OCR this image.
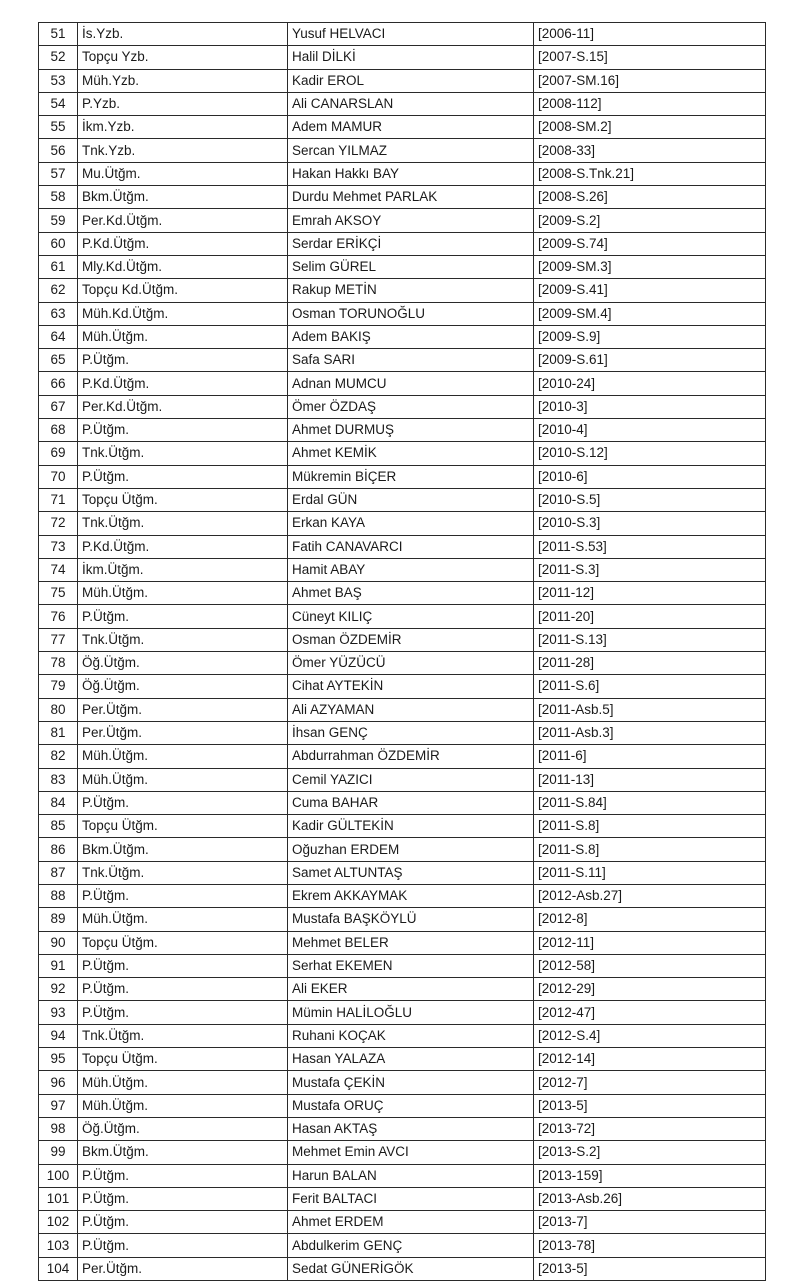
51	İs.Yzb.	Yusuf HELVACI	[2006-11]
52	Topçu Yzb.	Halil DİLKİ	[2007-S.15]
53	Müh.Yzb.	Kadir EROL	[2007-SM.16]
54	P.Yzb.	Ali CANARSLAN	[2008-112]
55	İkm.Yzb.	Adem MAMUR	[2008-SM.2]
56	Tnk.Yzb.	Sercan YILMAZ	[2008-33]
57	Mu.Ütğm.	Hakan Hakkı BAY	[2008-S.Tnk.21]
58	Bkm.Ütğm.	Durdu Mehmet PARLAK	[2008-S.26]
59	Per.Kd.Ütğm.	Emrah AKSOY	[2009-S.2]
60	P.Kd.Ütğm.	Serdar ERİKÇİ	[2009-S.74]
61	Mly.Kd.Ütğm.	Selim GÜREL	[2009-SM.3]
62	Topçu Kd.Ütğm.	Rakup METİN	[2009-S.41]
63	Müh.Kd.Ütğm.	Osman TORUNOĞLU	[2009-SM.4]
64	Müh.Ütğm.	Adem BAKIŞ	[2009-S.9]
65	P.Ütğm.	Safa SARI	[2009-S.61]
66	P.Kd.Ütğm.	Adnan MUMCU	[2010-24]
67	Per.Kd.Ütğm.	Ömer ÖZDAŞ	[2010-3]
68	P.Ütğm.	Ahmet DURMUŞ	[2010-4]
69	Tnk.Ütğm.	Ahmet KEMİK	[2010-S.12]
70	P.Ütğm.	Mükremin BİÇER	[2010-6]
71	Topçu Ütğm.	Erdal GÜN	[2010-S.5]
72	Tnk.Ütğm.	Erkan KAYA	[2010-S.3]
73	P.Kd.Ütğm.	Fatih CANAVARCI	[2011-S.53]
74	İkm.Ütğm.	Hamit ABAY	[2011-S.3]
75	Müh.Ütğm.	Ahmet BAŞ	[2011-12]
76	P.Ütğm.	Cüneyt KILIÇ	[2011-20]
77	Tnk.Ütğm.	Osman ÖZDEMİR	[2011-S.13]
78	Öğ.Ütğm.	Ömer YÜZÜCÜ	[2011-28]
79	Öğ.Ütğm.	Cihat AYTEKİN	[2011-S.6]
80	Per.Ütğm.	Ali AZYAMAN	[2011-Asb.5]
81	Per.Ütğm.	İhsan GENÇ	[2011-Asb.3]
82	Müh.Ütğm.	Abdurrahman ÖZDEMİR	[2011-6]
83	Müh.Ütğm.	Cemil YAZICI	[2011-13]
84	P.Ütğm.	Cuma BAHAR	[2011-S.84]
85	Topçu Ütğm.	Kadir GÜLTEKİN	[2011-S.8]
86	Bkm.Ütğm.	Oğuzhan ERDEM	[2011-S.8]
87	Tnk.Ütğm.	Samet ALTUNTAŞ	[2011-S.11]
88	P.Ütğm.	Ekrem AKKAYMAK	[2012-Asb.27]
89	Müh.Ütğm.	Mustafa BAŞKÖYLÜ	[2012-8]
90	Topçu Ütğm.	Mehmet BELER	[2012-11]
91	P.Ütğm.	Serhat EKEMEN	[2012-58]
92	P.Ütğm.	Ali EKER	[2012-29]
93	P.Ütğm.	Mümin HALİLOĞLU	[2012-47]
94	Tnk.Ütğm.	Ruhani KOÇAK	[2012-S.4]
95	Topçu Ütğm.	Hasan YALAZA	[2012-14]
96	Müh.Ütğm.	Mustafa ÇEKİN	[2012-7]
97	Müh.Ütğm.	Mustafa ORUÇ	[2013-5]
98	Öğ.Ütğm.	Hasan AKTAŞ	[2013-72]
99	Bkm.Ütğm.	Mehmet Emin AVCI	[2013-S.2]
100	P.Ütğm.	Harun BALAN	[2013-159]
101	P.Ütğm.	Ferit BALTACI	[2013-Asb.26]
102	P.Ütğm.	Ahmet ERDEM	[2013-7]
103	P.Ütğm.	Abdulkerim GENÇ	[2013-78]
104	Per.Ütğm.	Sedat GÜNERİGÖK	[2013-5]
